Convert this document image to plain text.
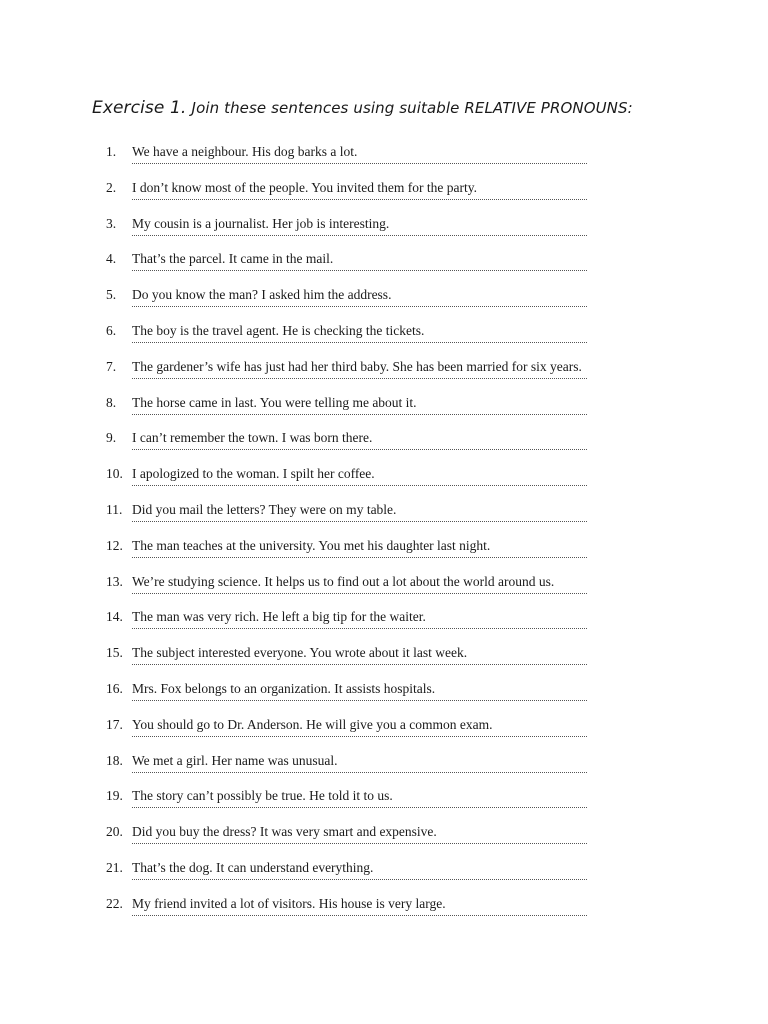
Exercise 1. Join these sentences using suitable RELATIVE PRONOUNS:
1.	We have a neighbour. His dog barks a lot.
2.	I don’t know most of the people. You invited them for the party.
3.	My cousin is a journalist. Her job is interesting.
4.	That’s the parcel. It came in the mail.
5.	Do you know the man? I asked him the address.
6.	The boy is the travel agent. He is checking the tickets.
7.	The gardener’s wife has just had her third baby. She has been married for six years.
8.	The horse came in last. You were telling me about it.
9.	I can’t remember the town. I was born there.
10. I apologized to the woman. I spilt her coffee.
11. Did you mail the letters? They were on my table.
12. The man teaches at the university. You met his daughter last night.
13. We’re studying science. It helps us to find out a lot about the world around us.
14. The man was very rich. He left a big tip for the waiter.
15. The subject interested everyone. You wrote about it last week.
16. Mrs. Fox belongs to an organization. It assists hospitals.
17. You should go to Dr. Anderson. He will give you a common exam.
18. We met a girl. Her name was unusual.
19. The story can’t possibly be true. He told it to us.
20. Did you buy the dress? It was very smart and expensive.
21. That’s the dog. It can understand everything.
22. My friend invited a lot of visitors. His house is very large.
